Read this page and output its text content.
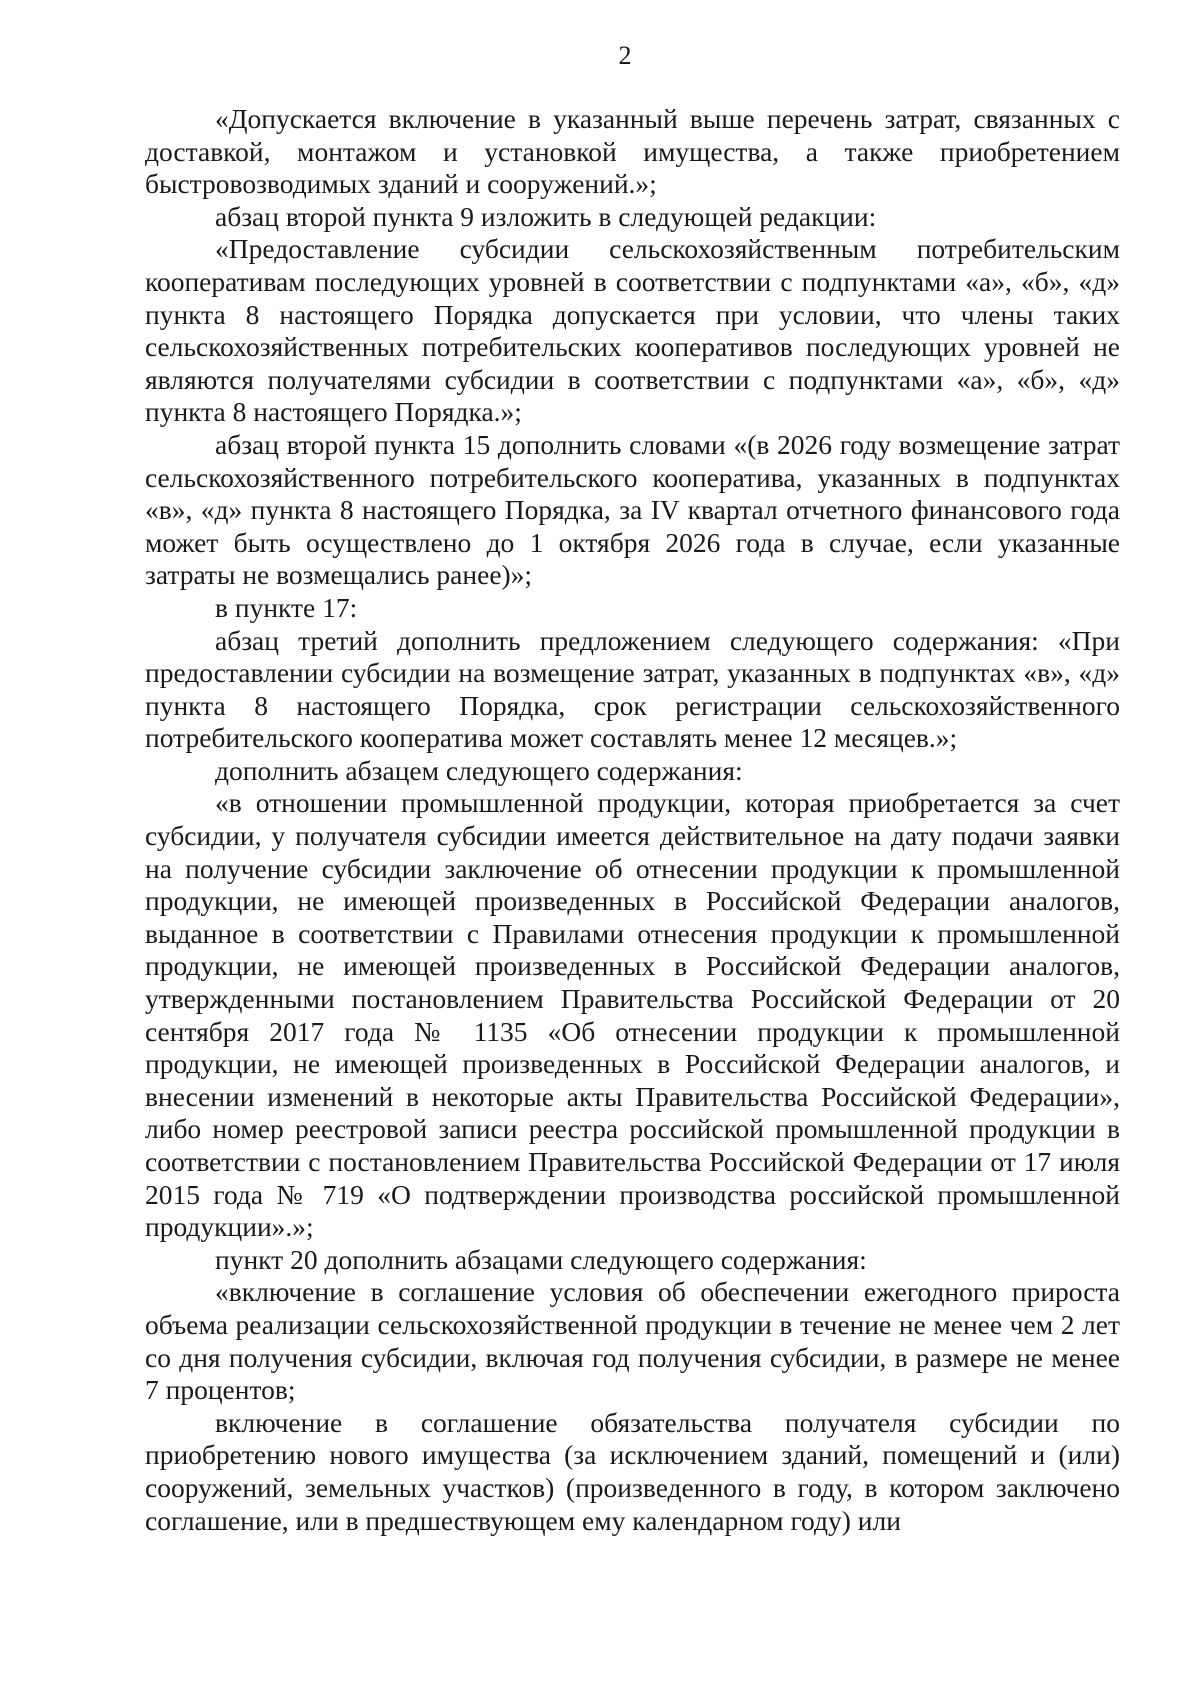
2

«Допускается включение в указанный выше перечень затрат, связанных с доставкой, монтажом и установкой имущества, а также приобретением быстровозводимых зданий и сооружений.»;

абзац второй пункта 9 изложить в следующей редакции:

«Предоставление субсидии сельскохозяйственным потребительским кооперативам последующих уровней в соответствии с подпунктами «а», «б», «д» пункта 8 настоящего Порядка допускается при условии, что члены таких сельскохозяйственных потребительских кооперативов последующих уровней не являются получателями субсидии в соответствии с подпунктами «а», «б», «д» пункта 8 настоящего Порядка.»;

абзац второй пункта 15 дополнить словами «(в 2026 году возмещение затрат сельскохозяйственного потребительского кооператива, указанных в подпунктах «в», «д» пункта 8 настоящего Порядка, за IV квартал отчетного финансового года может быть осуществлено до 1 октября 2026 года в случае, если указанные затраты не возмещались ранее)»;

в пункте 17:

абзац третий дополнить предложением следующего содержания: «При предоставлении субсидии на возмещение затрат, указанных в подпунктах «в», «д» пункта 8 настоящего Порядка, срок регистрации сельскохозяйственного потребительского кооператива может составлять менее 12 месяцев.»;

дополнить абзацем следующего содержания:

«в отношении промышленной продукции, которая приобретается за счет субсидии, у получателя субсидии имеется действительное на дату подачи заявки на получение субсидии заключение об отнесении продукции к промышленной продукции, не имеющей произведенных в Российской Федерации аналогов, выданное в соответствии с Правилами отнесения продукции к промышленной продукции, не имеющей произведенных в Российской Федерации аналогов, утвержденными постановлением Правительства Российской Федерации от 20 сентября 2017 года № 1135 «Об отнесении продукции к промышленной продукции, не имеющей произведенных в Российской Федерации аналогов, и внесении изменений в некоторые акты Правительства Российской Федерации», либо номер реестровой записи реестра российской промышленной продукции в соответствии с постановлением Правительства Российской Федерации от 17 июля 2015 года № 719 «О подтверждении производства российской промышленной продукции».»;

пункт 20 дополнить абзацами следующего содержания:

«включение в соглашение условия об обеспечении ежегодного прироста объема реализации сельскохозяйственной продукции в течение не менее чем 2 лет со дня получения субсидии, включая год получения субсидии, в размере не менее 7 процентов;

включение в соглашение обязательства получателя субсидии по приобретению нового имущества (за исключением зданий, помещений и (или) сооружений, земельных участков) (произведенного в году, в котором заключено соглашение, или в предшествующем ему календарном году) или
